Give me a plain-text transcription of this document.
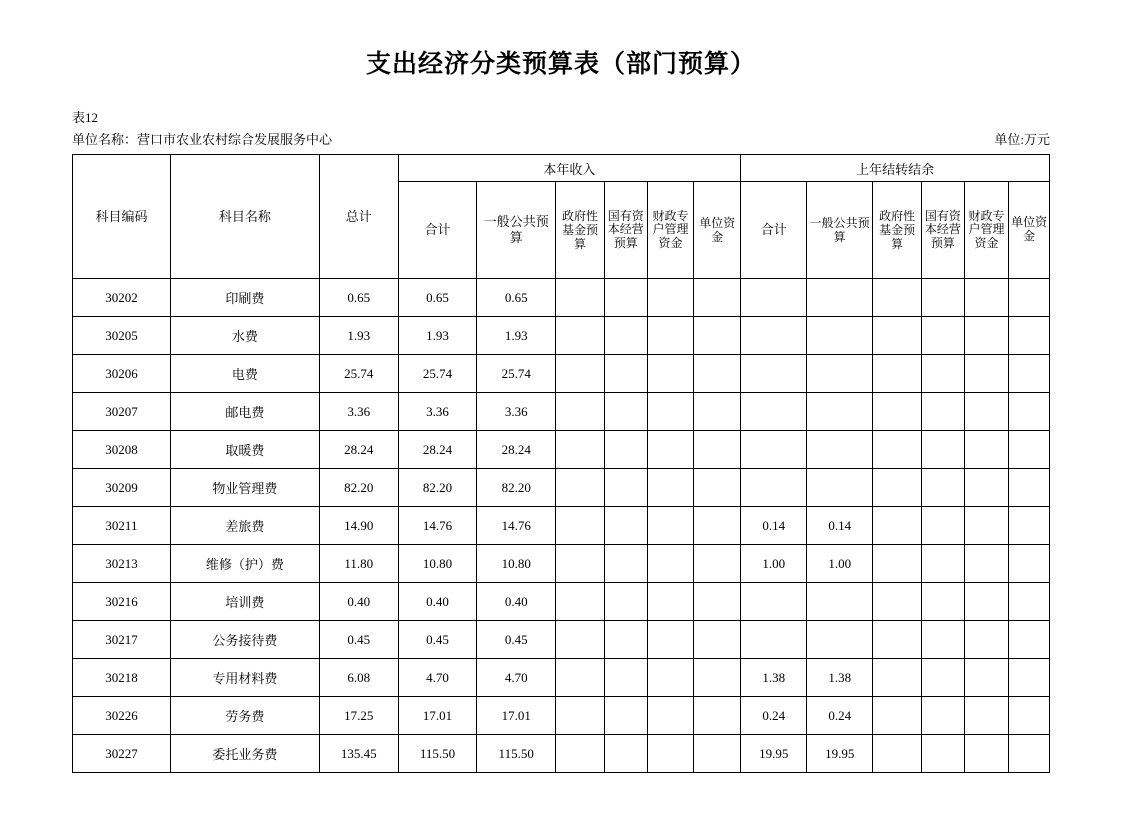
支出经济分类预算表（部门预算）
表12
单位名称：营口市农业农村综合发展服务中心	单位:万元
科目编码	科目名称	总计	本年收入						上年结转结余					
			合计	一般公共预算	政府性基金预算	国有资本经营预算	财政专户管理资金	单位资金	合计	一般公共预算	政府性基金预算	国有资本经营预算	财政专户管理资金	单位资金
30202	印刷费	0.65	0.65	0.65										
30205	水费	1.93	1.93	1.93										
30206	电费	25.74	25.74	25.74										
30207	邮电费	3.36	3.36	3.36										
30208	取暖费	28.24	28.24	28.24										
30209	物业管理费	82.20	82.20	82.20										
30211	差旅费	14.90	14.76	14.76					0.14	0.14				
30213	维修（护）费	11.80	10.80	10.80					1.00	1.00				
30216	培训费	0.40	0.40	0.40										
30217	公务接待费	0.45	0.45	0.45										
30218	专用材料费	6.08	4.70	4.70					1.38	1.38				
30226	劳务费	17.25	17.01	17.01					0.24	0.24				
30227	委托业务费	135.45	115.50	115.50					19.95	19.95				
